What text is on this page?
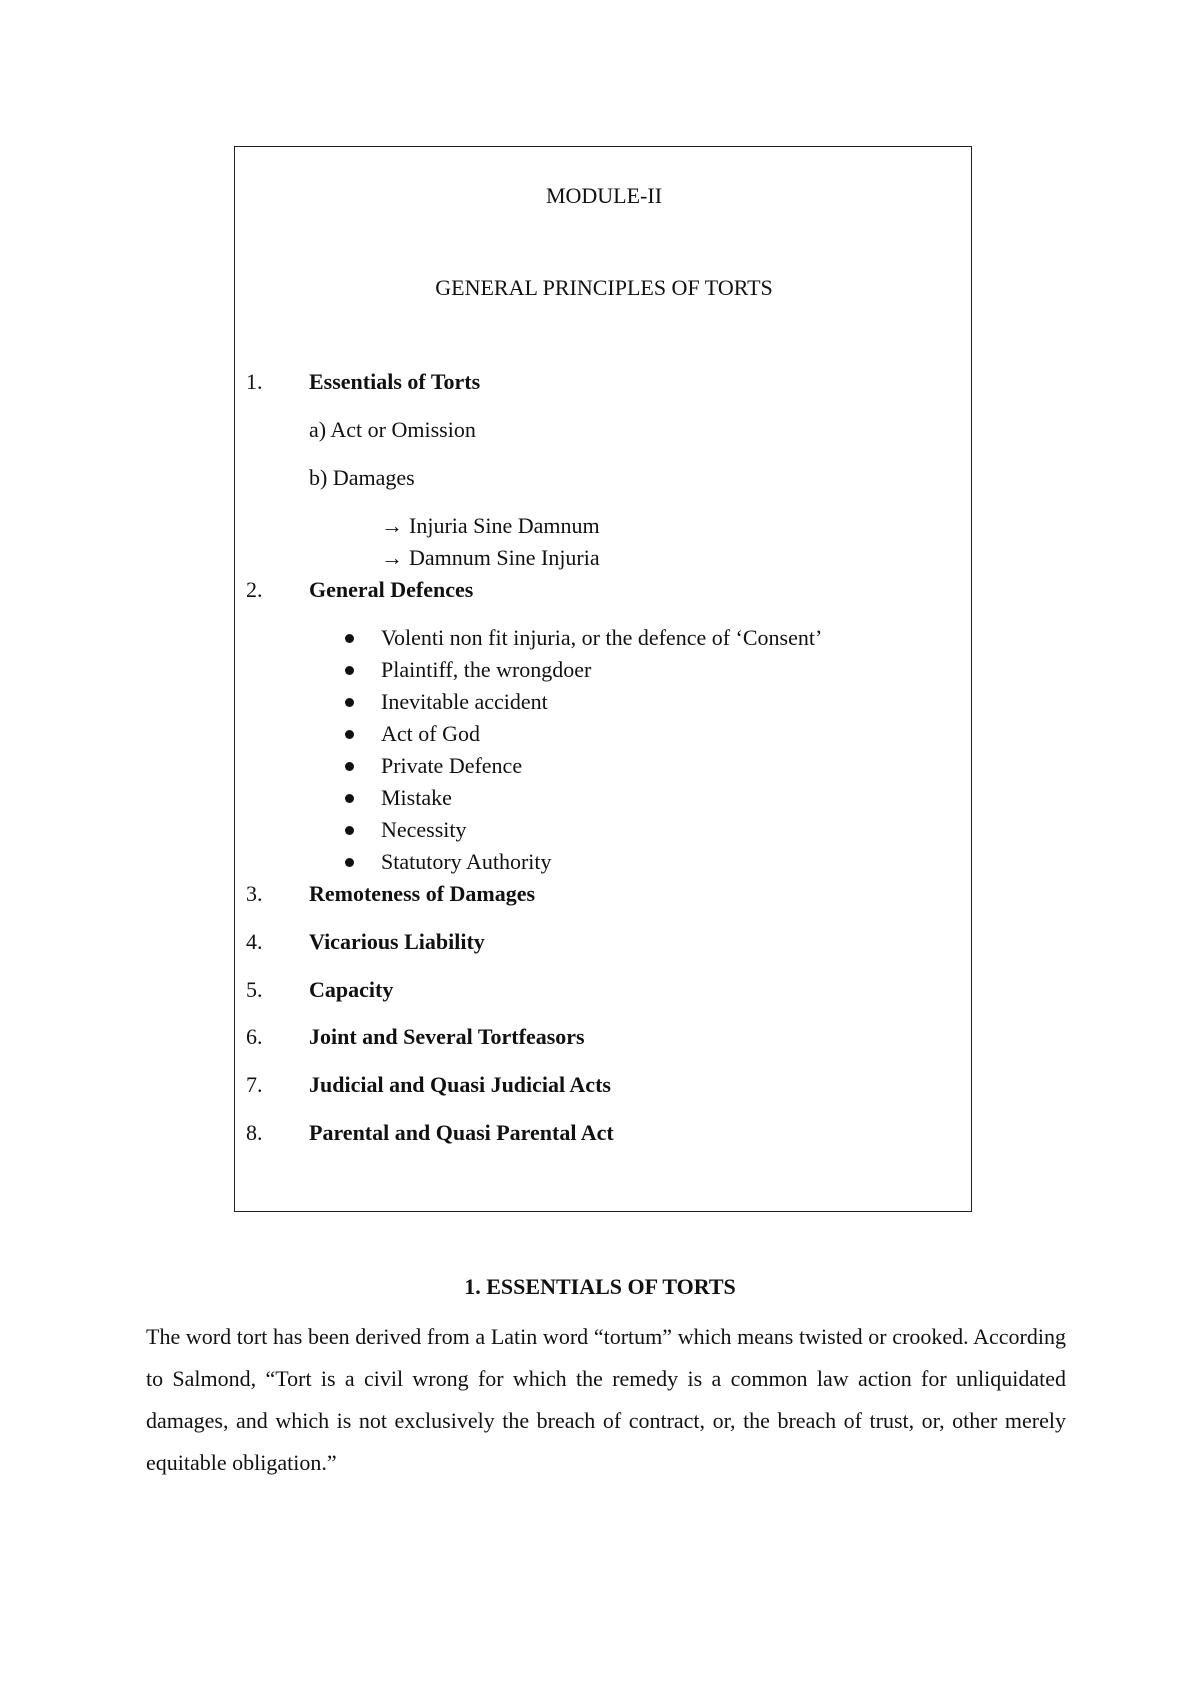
MODULE-II
GENERAL PRINCIPLES OF TORTS
1. Essentials of Torts
a) Act or Omission
b) Damages
→ Injuria Sine Damnum
→ Damnum Sine Injuria
2. General Defences
Volenti non fit injuria, or the defence of ‘Consent’
Plaintiff, the wrongdoer
Inevitable accident
Act of God
Private Defence
Mistake
Necessity
Statutory Authority
3. Remoteness of Damages
4. Vicarious Liability
5. Capacity
6. Joint and Several Tortfeasors
7. Judicial and Quasi Judicial Acts
8. Parental and Quasi Parental Act
1. ESSENTIALS OF TORTS
The word tort has been derived from a Latin word “tortum” which means twisted or crooked. According to Salmond, “Tort is a civil wrong for which the remedy is a common law action for unliquidated damages, and which is not exclusively the breach of contract, or, the breach of trust, or, other merely equitable obligation.”
